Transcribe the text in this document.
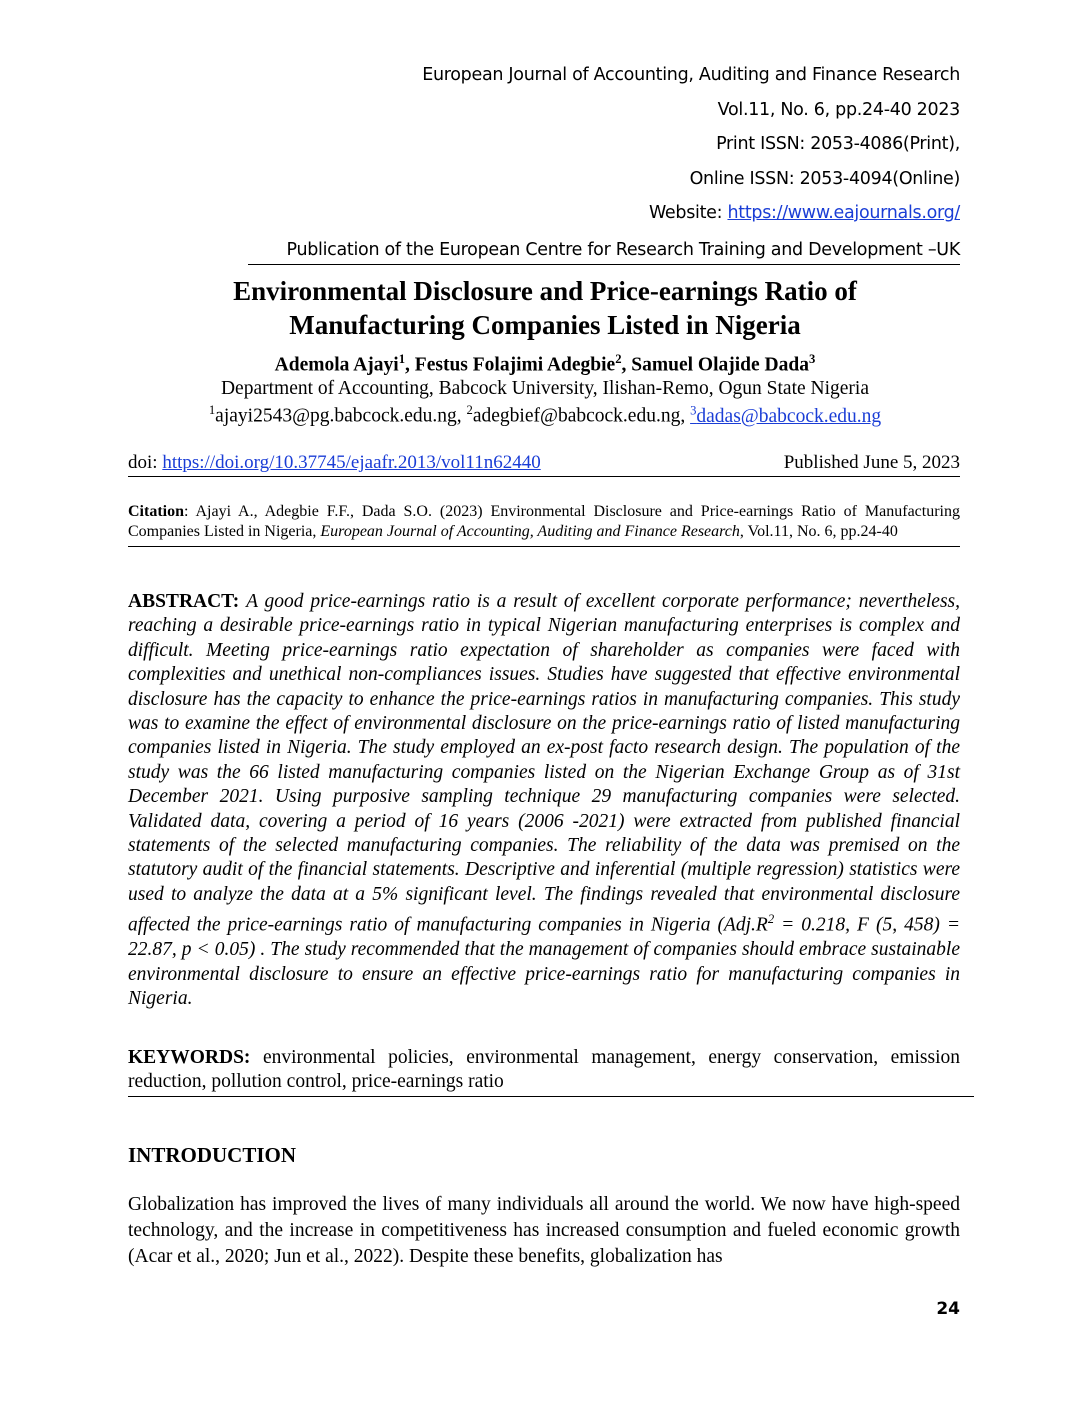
European Journal of Accounting, Auditing and Finance Research
Vol.11, No. 6, pp.24-40 2023
Print ISSN: 2053-4086(Print),
Online ISSN: 2053-4094(Online)
Website: https://www.eajournals.org/
Publication of the European Centre for Research Training and Development –UK
Environmental Disclosure and Price-earnings Ratio of
Manufacturing Companies Listed in Nigeria
Ademola Ajayi$^1$, Festus Folajimi Adegbie$^2$, Samuel Olajide Dada$^3$
Department of Accounting, Babcock University, Ilishan-Remo, Ogun State Nigeria
$^1$ajayi2543@pg.babcock.edu.ng, $^2$adegbief@babcock.edu.ng, $^3$dadas@babcock.edu.ng
doi: https://doi.org/10.37745/ejaafr.2013/vol11n62440	Published June 5, 2023
Citation: Ajayi A., Adegbie F.F., Dada S.O. (2023) Environmental Disclosure and Price-earnings Ratio of Manufacturing Companies Listed in Nigeria, European Journal of Accounting, Auditing and Finance Research, Vol.11, No. 6, pp.24-40
ABSTRACT: A good price-earnings ratio is a result of excellent corporate performance; nevertheless, reaching a desirable price-earnings ratio in typical Nigerian manufacturing enterprises is complex and difficult. Meeting price-earnings ratio expectation of shareholder as companies were faced with complexities and unethical non-compliances issues. Studies have suggested that effective environmental disclosure has the capacity to enhance the price-earnings ratios in manufacturing companies. This study was to examine the effect of environmental disclosure on the price-earnings ratio of listed manufacturing companies listed in Nigeria. The study employed an ex-post facto research design. The population of the study was the 66 listed manufacturing companies listed on the Nigerian Exchange Group as of 31st December 2021. Using purposive sampling technique 29 manufacturing companies were selected. Validated data, covering a period of 16 years (2006 -2021) were extracted from published financial statements of the selected manufacturing companies. The reliability of the data was premised on the statutory audit of the financial statements. Descriptive and inferential (multiple regression) statistics were used to analyze the data at a 5% significant level. The findings revealed that environmental disclosure affected the price-earnings ratio of manufacturing companies in Nigeria ($Adj.R^2 = 0.218$, F (5, 458) = 22.87, p < 0.05) . The study recommended that the management of companies should embrace sustainable environmental disclosure to ensure an effective price-earnings ratio for manufacturing companies in Nigeria.
KEYWORDS: environmental policies, environmental management, energy conservation, emission reduction, pollution control, price-earnings ratio
INTRODUCTION
Globalization has improved the lives of many individuals all around the world. We now have high-speed technology, and the increase in competitiveness has increased consumption and fueled economic growth (Acar et al., 2020; Jun et al., 2022). Despite these benefits, globalization has
24
